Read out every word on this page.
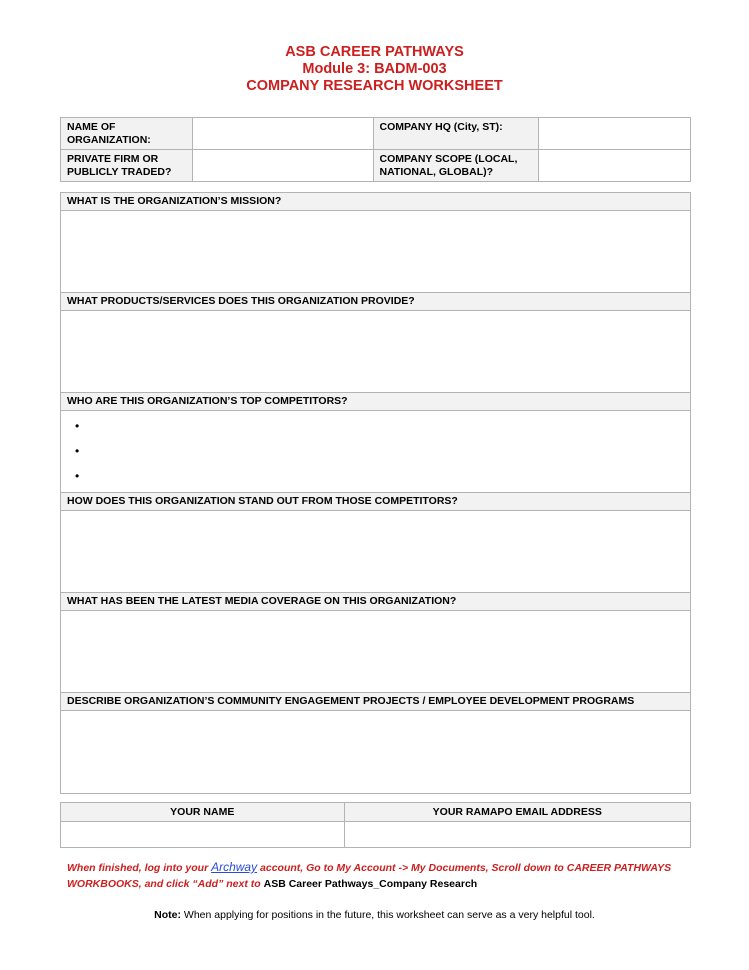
ASB CAREER PATHWAYS
Module 3: BADM-003
COMPANY RESEARCH WORKSHEET
NAME OF ORGANIZATION:		COMPANY HQ (City, ST):	
PRIVATE FIRM OR PUBLICLY TRADED?		COMPANY SCOPE (LOCAL, NATIONAL, GLOBAL)?	
WHAT IS THE ORGANIZATION’S MISSION?
WHAT PRODUCTS/SERVICES DOES THIS ORGANIZATION PROVIDE?
WHO ARE THIS ORGANIZATION’S TOP COMPETITORS?
•
•
•
HOW DOES THIS ORGANIZATION STAND OUT FROM THOSE COMPETITORS?
WHAT HAS BEEN THE LATEST MEDIA COVERAGE ON THIS ORGANIZATION?
DESCRIBE ORGANIZATION’S COMMUNITY ENGAGEMENT PROJECTS / EMPLOYEE DEVELOPMENT PROGRAMS
YOUR NAME	YOUR RAMAPO EMAIL ADDRESS

When finished, log into your Archway account, Go to My Account -> My Documents, Scroll down to CAREER PATHWAYS WORKBOOKS, and click “Add” next to ASB Career Pathways_Company Research
Note: When applying for positions in the future, this worksheet can serve as a very helpful tool.
